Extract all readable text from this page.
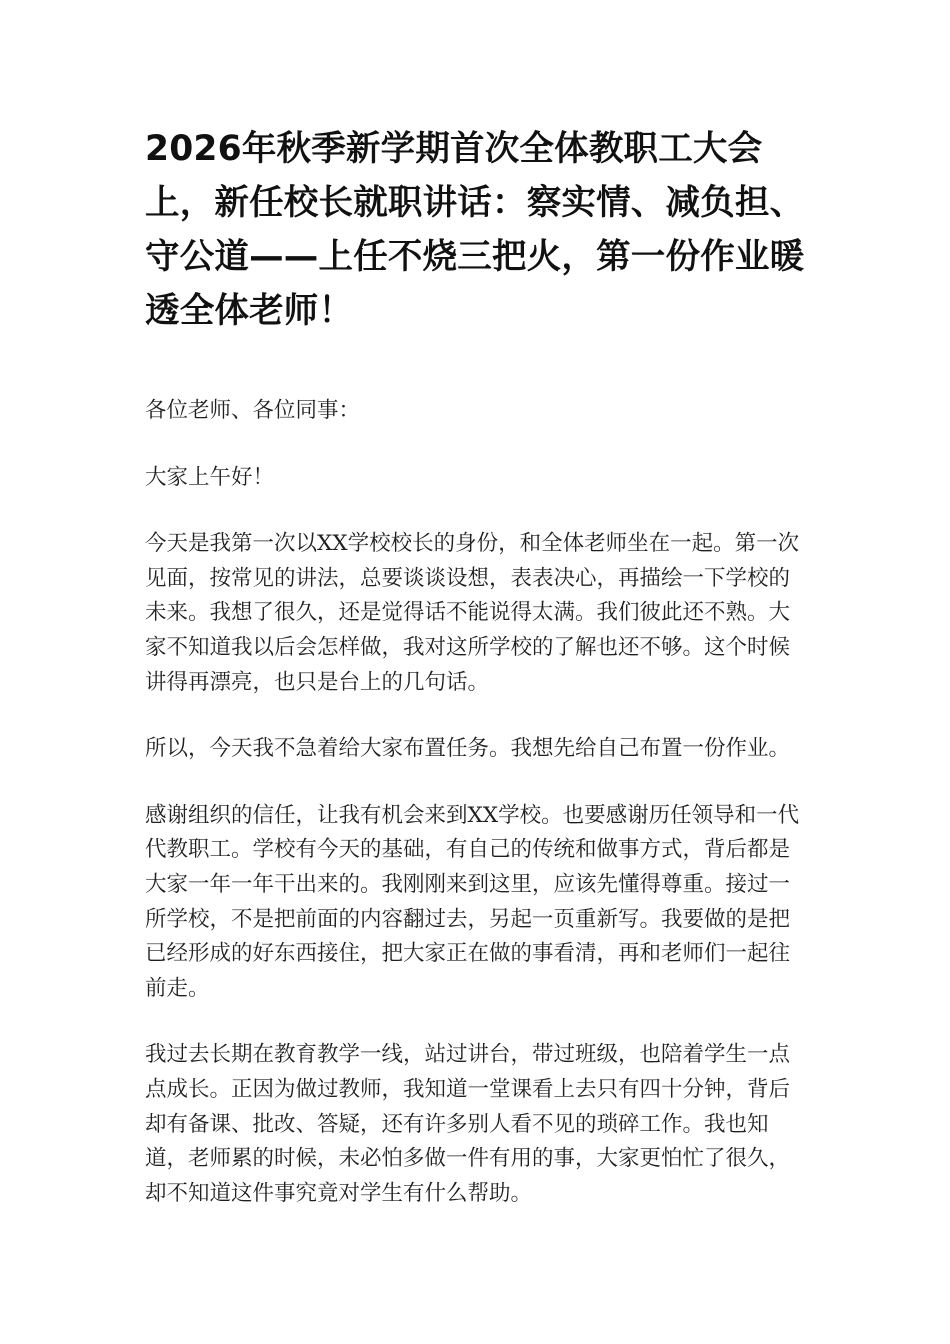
2026年秋季新学期首次全体教职工大会上，新任校长就职讲话：察实情、减负担、守公道——上任不烧三把火，第一份作业暖透全体老师！

各位老师、各位同事：

大家上午好！

今天是我第一次以XX学校校长的身份，和全体老师坐在一起。第一次见面，按常见的讲法，总要谈谈设想，表表决心，再描绘一下学校的未来。我想了很久，还是觉得话不能说得太满。我们彼此还不熟。大家不知道我以后会怎样做，我对这所学校的了解也还不够。这个时候讲得再漂亮，也只是台上的几句话。

所以，今天我不急着给大家布置任务。我想先给自己布置一份作业。

感谢组织的信任，让我有机会来到XX学校。也要感谢历任领导和一代代教职工。学校有今天的基础，有自己的传统和做事方式，背后都是大家一年一年干出来的。我刚刚来到这里，应该先懂得尊重。接过一所学校，不是把前面的内容翻过去，另起一页重新写。我要做的是把已经形成的好东西接住，把大家正在做的事看清，再和老师们一起往前走。

我过去长期在教育教学一线，站过讲台，带过班级，也陪着学生一点点成长。正因为做过教师，我知道一堂课看上去只有四十分钟，背后却有备课、批改、答疑，还有许多别人看不见的琐碎工作。我也知道，老师累的时候，未必怕多做一件有用的事，大家更怕忙了很久，却不知道这件事究竟对学生有什么帮助。
